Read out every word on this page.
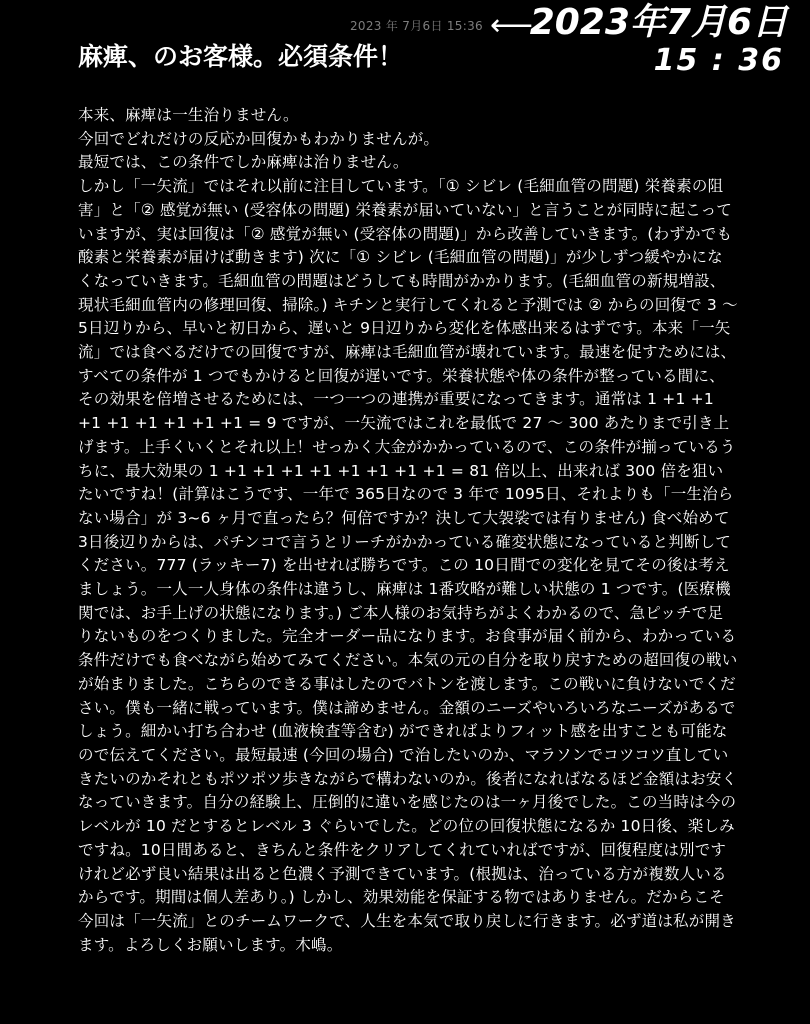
2023 年 7月6日 15:36 ⟵
2023年7月6日
15 : 36
麻痺、のお客様。必須条件！

本来、麻痺は一生治りません。

今回でどれだけの反応か回復かもわかりませんが。

最短では、この条件でしか麻痺は治りません。

しかし「一矢流」ではそれ以前に注目しています。「① シビレ (毛細血管の問題) 栄養素の阻害」と「② 感覚が無い (受容体の問題) 栄養素が届いていない」と言うことが同時に起こっていますが、実は回復は「② 感覚が無い (受容体の問題)」から改善していきます。(わずかでも酸素と栄養素が届けば動きます) 次に「① シビレ (毛細血管の問題)」が少しずつ緩やかになくなっていきます。毛細血管の問題はどうしても時間がかかります。(毛細血管の新規増設、現状毛細血管内の修理回復、掃除。) キチンと実行してくれると予測では ② からの回復で 3 〜 5日辺りから、早いと初日から、遅いと 9日辺りから変化を体感出来るはずです。本来「一矢流」では食べるだけでの回復ですが、麻痺は毛細血管が壊れています。最速を促すためには、すべての条件が 1 つでもかけると回復が遅いです。栄養状態や体の条件が整っている間に、その効果を倍増させるためには、一つ一つの連携が重要になってきます。通常は 1 +1 +1 +1 +1 +1 +1 +1 +1 = 9 ですが、一矢流ではこれを最低で 27 〜 300 あたりまで引き上げます。上手くいくとそれ以上！せっかく大金がかかっているので、この条件が揃っているうちに、最大効果の 1 +1 +1 +1 +1 +1 +1 +1 +1 = 81 倍以上、出来れば 300 倍を狙いたいですね！(計算はこうです、一年で 365日なので 3 年で 1095日、それよりも「一生治らない場合」が 3~6 ヶ月で直ったら？何倍ですか？決して大袈裟では有りません) 食べ始めて 3日後辺りからは、パチンコで言うとリーチがかかっている確変状態になっていると判断してください。777 (ラッキー7) を出せれば勝ちです。この 10日間での変化を見てその後は考えましょう。一人一人身体の条件は違うし、麻痺は 1番攻略が難しい状態の 1 つです。(医療機関では、お手上げの状態になります。) ご本人様のお気持ちがよくわかるので、急ピッチで足りないものをつくりました。完全オーダー品になります。お食事が届く前から、わかっている条件だけでも食べながら始めてみてください。本気の元の自分を取り戻すための超回復の戦いが始まりました。こちらのできる事はしたのでバトンを渡します。この戦いに負けないでください。僕も一緒に戦っています。僕は諦めません。金額のニーズやいろいろなニーズがあるでしょう。細かい打ち合わせ (血液検査等含む) ができればよりフィット感を出すことも可能なので伝えてください。最短最速 (今回の場合) で治したいのか、マラソンでコツコツ直していきたいのかそれともポツポツ歩きながらで構わないのか。後者になればなるほど金額はお安くなっていきます。自分の経験上、圧倒的に違いを感じたのは一ヶ月後でした。この当時は今のレベルが 10 だとするとレベル 3 ぐらいでした。どの位の回復状態になるか 10日後、楽しみですね。10日間あると、きちんと条件をクリアしてくれていればですが、回復程度は別ですけれど必ず良い結果は出ると色濃く予測できています。(根拠は、治っている方が複数人いるからです。期間は個人差あり。) しかし、効果効能を保証する物ではありません。だからこそ今回は「一矢流」とのチームワークで、人生を本気で取り戻しに行きます。必ず道は私が開きます。よろしくお願いします。木嶋。
